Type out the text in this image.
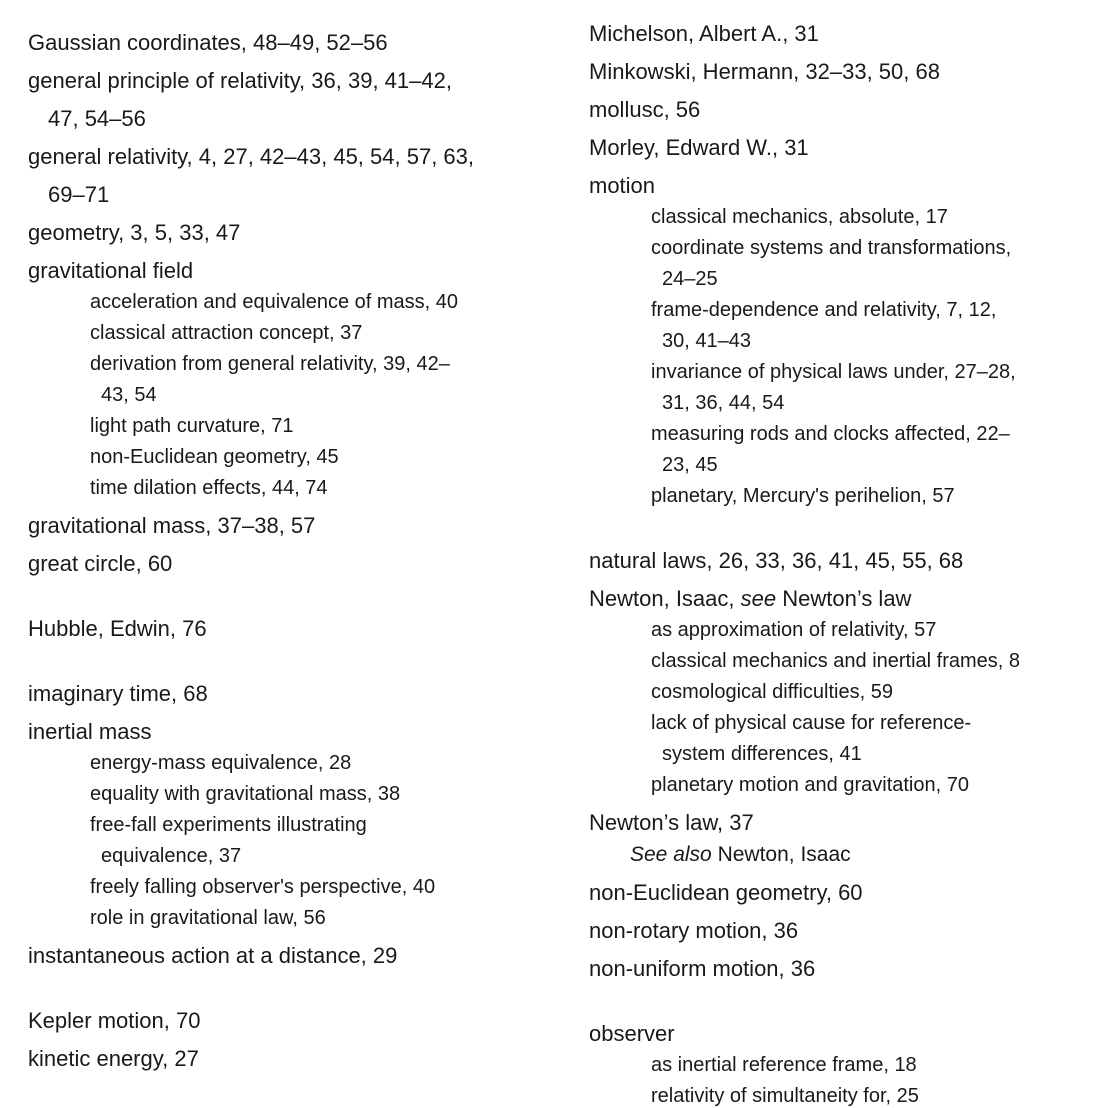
Gaussian coordinates, 48–49, 52–56
general principle of relativity, 36, 39, 41–42,
47, 54–56
general relativity, 4, 27, 42–43, 45, 54, 57, 63,
69–71
geometry, 3, 5, 33, 47
gravitational field
acceleration and equivalence of mass, 40
classical attraction concept, 37
derivation from general relativity, 39, 42–
43, 54
light path curvature, 71
non-Euclidean geometry, 45
time dilation effects, 44, 74
gravitational mass, 37–38, 57
great circle, 60
Hubble, Edwin, 76
imaginary time, 68
inertial mass
energy-mass equivalence, 28
equality with gravitational mass, 38
free-fall experiments illustrating
equivalence, 37
freely falling observer's perspective, 40
role in gravitational law, 56
instantaneous action at a distance, 29
Kepler motion, 70
kinetic energy, 27
Michelson, Albert A., 31
Minkowski, Hermann, 32–33, 50, 68
mollusc, 56
Morley, Edward W., 31
motion
classical mechanics, absolute, 17
coordinate systems and transformations,
24–25
frame-dependence and relativity, 7, 12,
30, 41–43
invariance of physical laws under, 27–28,
31, 36, 44, 54
measuring rods and clocks affected, 22–
23, 45
planetary, Mercury's perihelion, 57
natural laws, 26, 33, 36, 41, 45, 55, 68
Newton, Isaac, see Newton’s law
as approximation of relativity, 57
classical mechanics and inertial frames, 8
cosmological difficulties, 59
lack of physical cause for reference-
system differences, 41
planetary motion and gravitation, 70
Newton’s law, 37
See also Newton, Isaac
non-Euclidean geometry, 60
non-rotary motion, 36
non-uniform motion, 36
observer
as inertial reference frame, 18
relativity of simultaneity for, 25
